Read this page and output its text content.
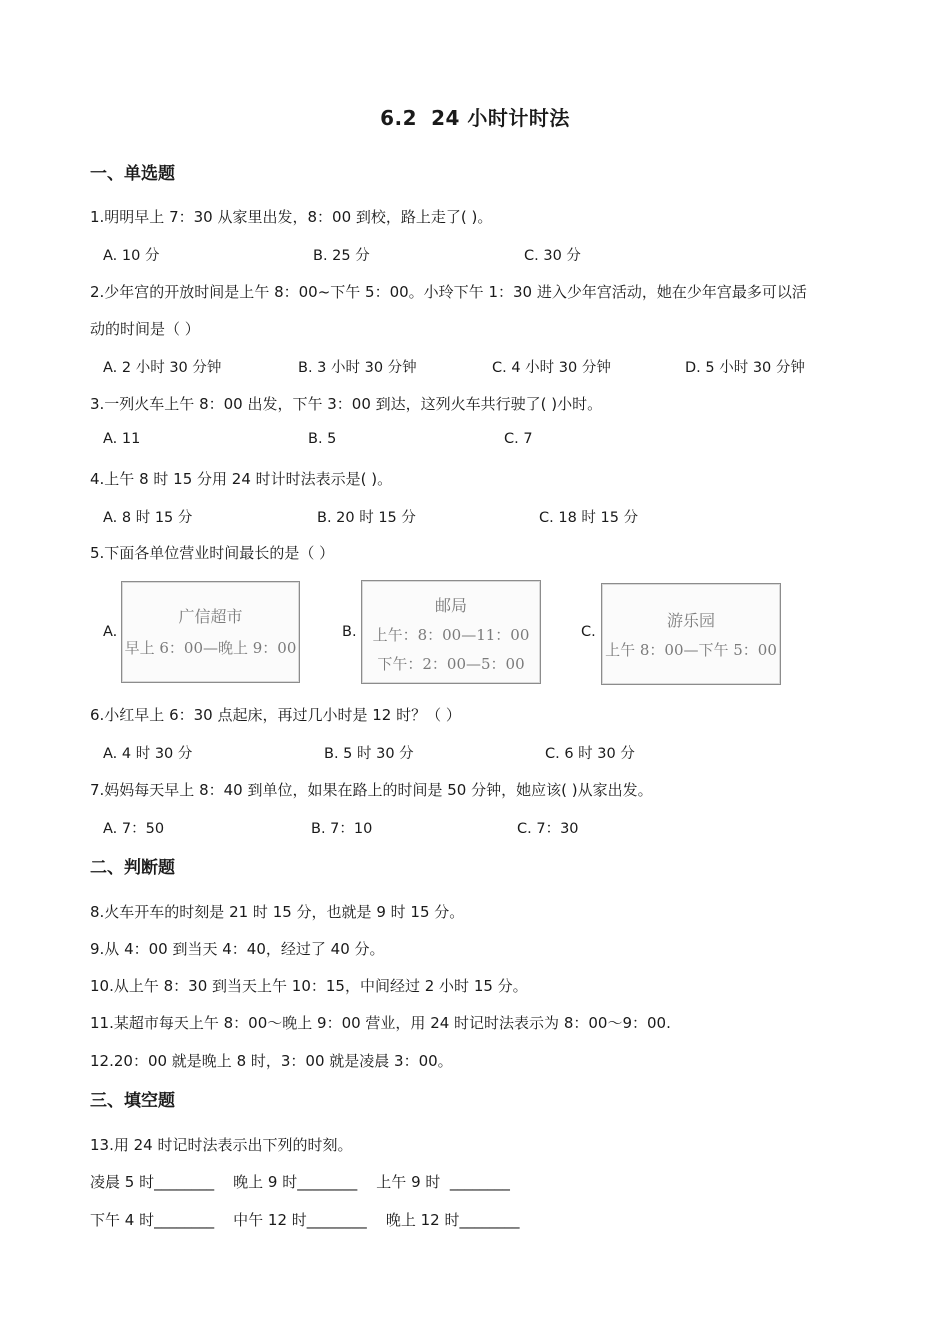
6.2 24 小时计时法
一、单选题
1.明明早上 7：30 从家里出发，8：00 到校，路上走了( )。
A. 10 分	B. 25 分	C. 30 分
2.少年宫的开放时间是上午 8：00~下午 5：00。小玲下午 1：30 进入少年宫活动，她在少年宫最多可以活
动的时间是（ ）
A. 2 小时 30 分钟	B. 3 小时 30 分钟	C. 4 小时 30 分钟	D. 5 小时 30 分钟
3.一列火车上午 8：00 出发，下午 3：00 到达，这列火车共行驶了( )小时。
A. 11	B. 5	C. 7
4.上午 8 时 15 分用 24 时计时法表示是( )。
A. 8 时 15 分	B. 20 时 15 分	C. 18 时 15 分
5.下面各单位营业时间最长的是（ ）
A.
广信超市
早上 6：00—晚上 9：00
B.
邮局
上午：8：00—11：00
下午：2：00—5：00
C.
游乐园
上午 8：00—下午 5：00
6.小红早上 6：30 点起床，再过几小时是 12 时？（ ）
A. 4 时 30 分	B. 5 时 30 分	C. 6 时 30 分
7.妈妈每天早上 8：40 到单位，如果在路上的时间是 50 分钟，她应该( )从家出发。
A. 7：50	B. 7：10	C. 7：30
二、判断题
8.火车开车的时刻是 21 时 15 分，也就是 9 时 15 分。
9.从 4：00 到当天 4：40，经过了 40 分。
10.从上午 8：30 到当天上午 10：15，中间经过 2 小时 15 分。
11.某超市每天上午 8：00～晚上 9：00 营业，用 24 时记时法表示为 8：00～9：00.
12.20：00 就是晚上 8 时，3：00 就是凌晨 3：00。
三、填空题
13.用 24 时记时法表示出下列的时刻。
凌晨 5 时________    晚上 9 时________    上午 9 时  ________
下午 4 时________    中午 12 时________    晚上 12 时________
